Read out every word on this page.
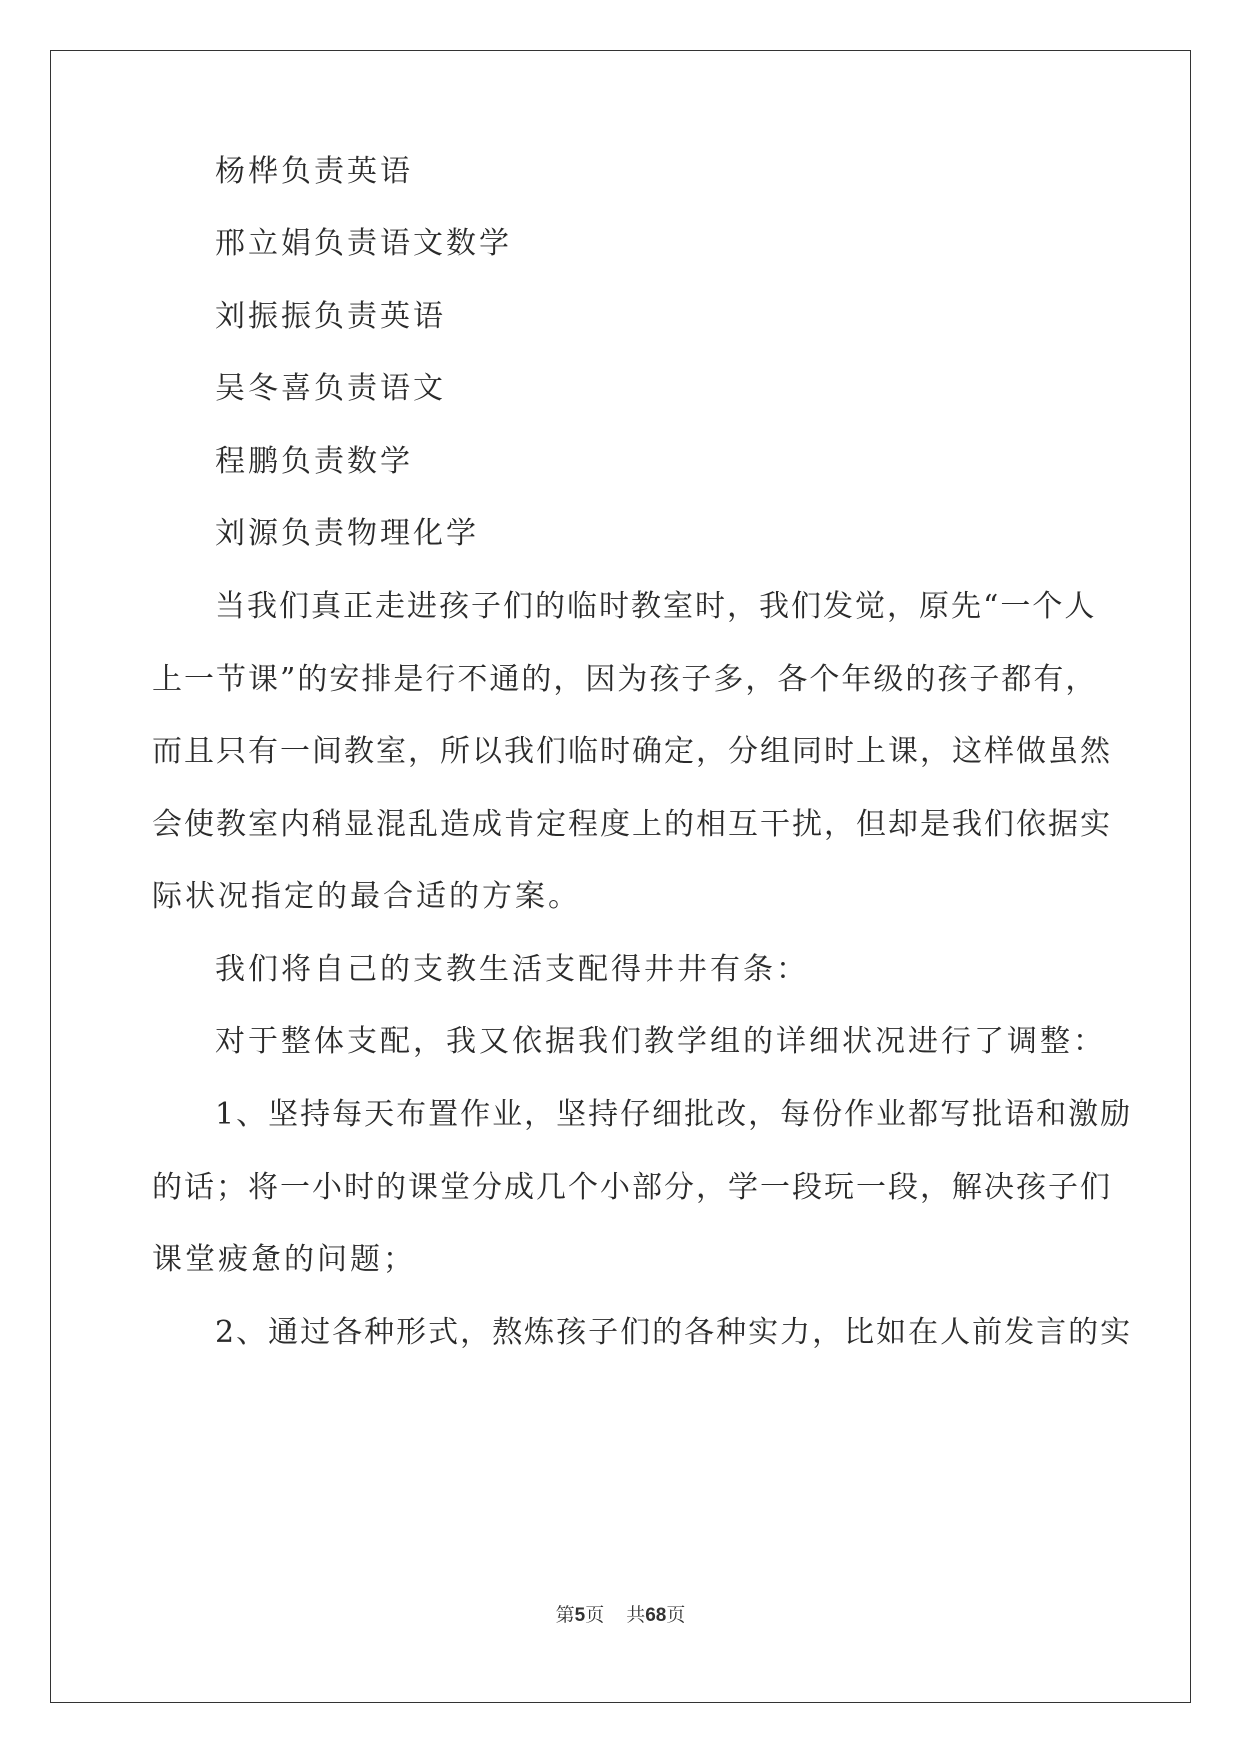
杨桦负责英语
邢立娟负责语文数学
刘振振负责英语
吴冬喜负责语文
程鹏负责数学
刘源负责物理化学
当我们真正走进孩子们的临时教室时，我们发觉，原先“一个人
上一节课”的安排是行不通的，因为孩子多，各个年级的孩子都有，
而且只有一间教室，所以我们临时确定，分组同时上课，这样做虽然
会使教室内稍显混乱造成肯定程度上的相互干扰，但却是我们依据实
际状况指定的最合适的方案。
我们将自己的支教生活支配得井井有条：
对于整体支配，我又依据我们教学组的详细状况进行了调整：
1、坚持每天布置作业，坚持仔细批改，每份作业都写批语和激励
的话；将一小时的课堂分成几个小部分，学一段玩一段，解决孩子们
课堂疲惫的问题；
2、通过各种形式，熬炼孩子们的各种实力，比如在人前发言的实
第5页 共68页
